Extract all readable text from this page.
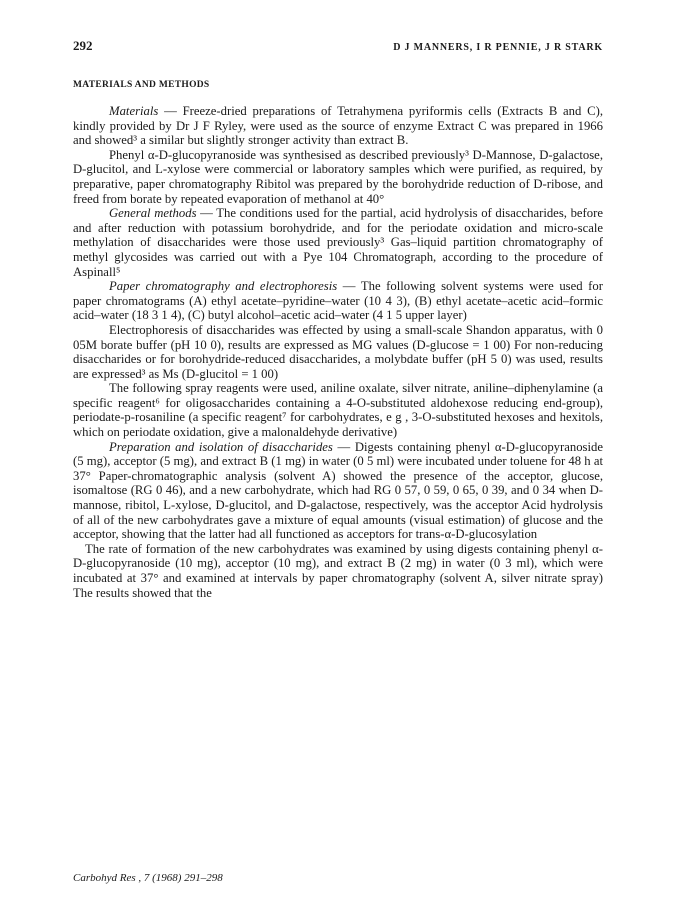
292	D J MANNERS, I R PENNIE, J R STARK
MATERIALS AND METHODS

Materials — Freeze-dried preparations of Tetrahymena pyriformis cells (Extracts B and C), kindly provided by Dr J F Ryley, were used as the source of enzyme Extract C was prepared in 1966 and showed³ a similar but slightly stronger activity than extract B.

Phenyl α-D-glucopyranoside was synthesised as described previously³ D-Mannose, D-galactose, D-glucitol, and L-xylose were commercial or laboratory samples which were purified, as required, by preparative, paper chromatography Ribitol was prepared by the borohydride reduction of D-ribose, and freed from borate by repeated evaporation of methanol at 40°

General methods — The conditions used for the partial, acid hydrolysis of disaccharides, before and after reduction with potassium borohydride, and for the periodate oxidation and micro-scale methylation of disaccharides were those used previously³ Gas–liquid partition chromatography of methyl glycosides was carried out with a Pye 104 Chromatograph, according to the procedure of Aspinall⁵

Paper chromatography and electrophoresis — The following solvent systems were used for paper chromatograms (A) ethyl acetate–pyridine–water (10 4 3), (B) ethyl acetate–acetic acid–formic acid–water (18 3 1 4), (C) butyl alcohol–acetic acid–water (4 1 5 upper layer)

Electrophoresis of disaccharides was effected by using a small-scale Shandon apparatus, with 0 05M borate buffer (pH 10 0), results are expressed as MG values (D-glucose = 1 00) For non-reducing disaccharides or for borohydride-reduced disaccharides, a molybdate buffer (pH 5 0) was used, results are expressed³ as Ms (D-glucitol = 1 00)

The following spray reagents were used, aniline oxalate, silver nitrate, aniline–diphenylamine (a specific reagent⁶ for oligosaccharides containing a 4-O-substituted aldohexose reducing end-group), periodate-p-rosaniline (a specific reagent⁷ for carbohydrates, e g , 3-O-substituted hexoses and hexitols, which on periodate oxidation, give a malonaldehyde derivative)

Preparation and isolation of disaccharides — Digests containing phenyl α-D-glucopyranoside (5 mg), acceptor (5 mg), and extract B (1 mg) in water (0 5 ml) were incubated under toluene for 48 h at 37° Paper-chromatographic analysis (solvent A) showed the presence of the acceptor, glucose, isomaltose (RG 0 46), and a new carbohydrate, which had RG 0 57, 0 59, 0 65, 0 39, and 0 34 when D-mannose, ribitol, L-xylose, D-glucitol, and D-galactose, respectively, was the acceptor Acid hydrolysis of all of the new carbohydrates gave a mixture of equal amounts (visual estimation) of glucose and the acceptor, showing that the latter had all functioned as acceptors for trans-α-D-glucosylation

The rate of formation of the new carbohydrates was examined by using digests containing phenyl α-D-glucopyranoside (10 mg), acceptor (10 mg), and extract B (2 mg) in water (0 3 ml), which were incubated at 37° and examined at intervals by paper chromatography (solvent A, silver nitrate spray) The results showed that the

Carbohyd Res , 7 (1968) 291–298
